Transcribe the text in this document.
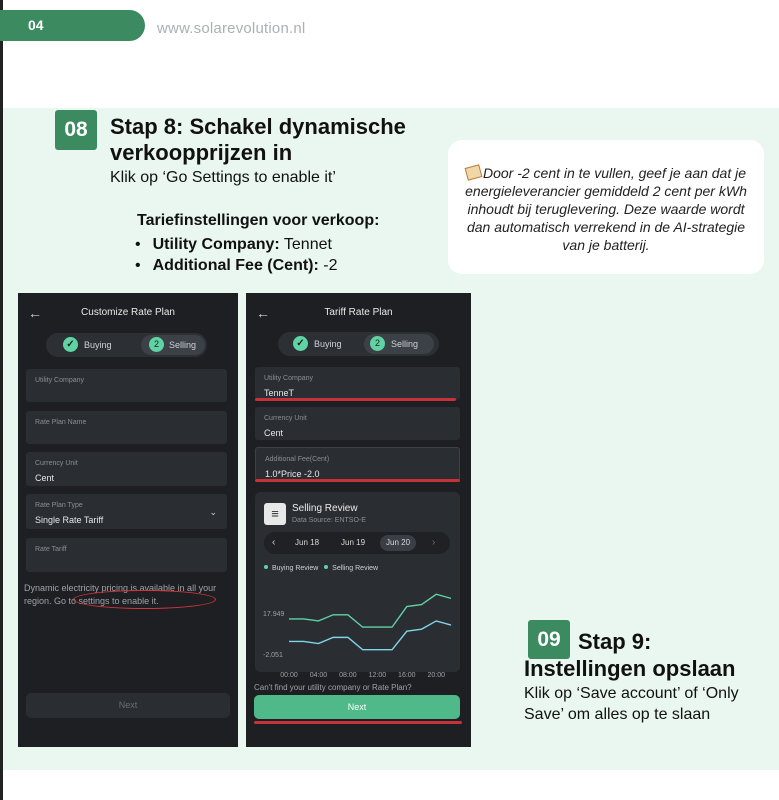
04	www.solarevolution.nl
08	Stap 8: Schakel dynamische verkoopprijzen in
Klik op ‘Go Settings to enable it’
Tariefinstellingen voor verkoop:
• Utility Company: Tennet
• Additional Fee (Cent): -2
Door -2 cent in te vullen, geef je aan dat je energieleverancier gemiddeld 2 cent per kWh inhoudt bij teruglevering. Deze waarde wordt dan automatisch verrekend in de AI-strategie van je batterij.
←	Customize Rate Plan
✓	Buying	2	Selling
Utility Company
Rate Plan Name
Currency Unit
Cent
Rate Plan Type
Single Rate Tariff
⌄
Rate Tariff
Dynamic electricity pricing is available in all your region. Go to settings to enable it.
Next
←	Tariff Rate Plan
✓	Buying	2	Selling
Utility Company
TenneT
Currency Unit
Cent
Additional Fee(Cent)
1.0*Price -2.0
≡	Selling Review
Data Source: ENTSO-E
‹ Jun 18	Jun 19	Jun 20	›
Buying Review Selling Review
17.949
-2.051
00:00 04:00 08:00 12:00 16:00 20:00
Can't find your utility company or Rate Plan?
Next
09 Stap 9:
Instellingen opslaan
Klik op ‘Save account’ of ‘Only Save’ om alles op te slaan
